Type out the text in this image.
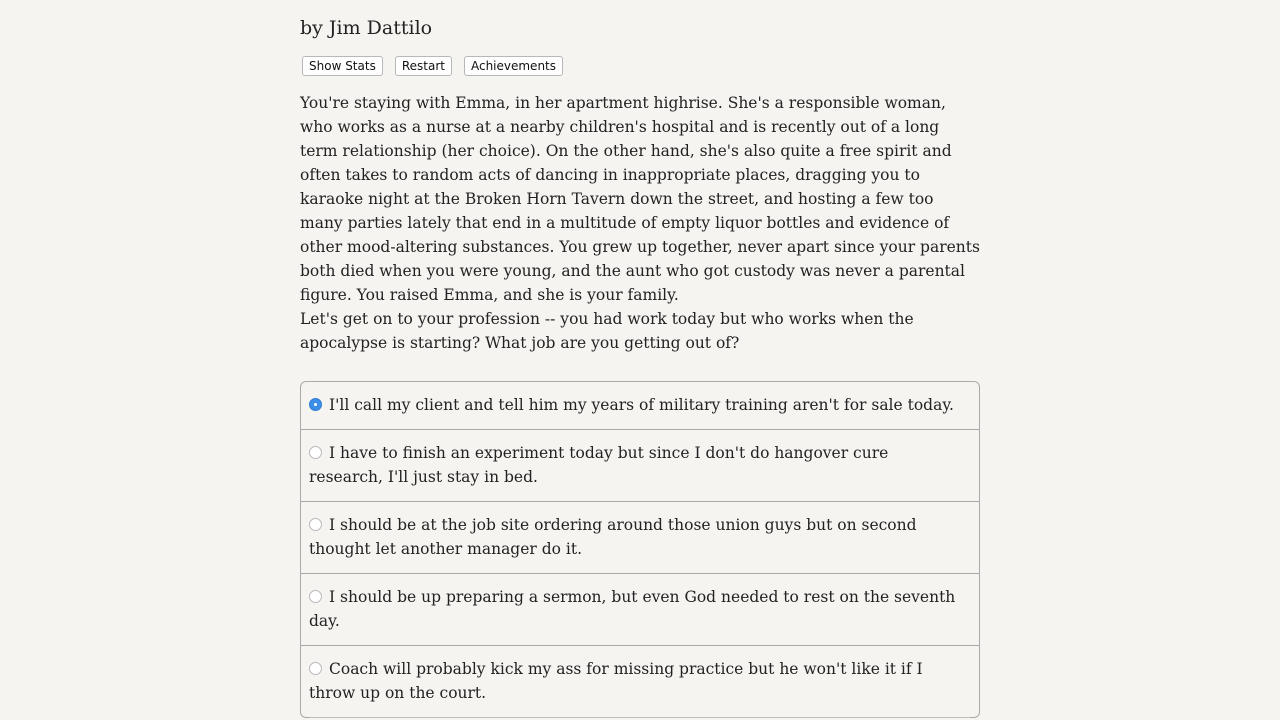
by Jim Dattilo
Show Stats	Restart	Achievements

You're staying with Emma, in her apartment highrise. She's a responsible woman, who works as a nurse at a nearby children's hospital and is recently out of a long term relationship (her choice). On the other hand, she's also quite a free spirit and often takes to random acts of dancing in inappropriate places, dragging you to karaoke night at the Broken Horn Tavern down the street, and hosting a few too many parties lately that end in a multitude of empty liquor bottles and evidence of other mood-altering substances. You grew up together, never apart since your parents both died when you were young, and the aunt who got custody was never a parental figure. You raised Emma, and she is your family.

Let's get on to your profession -- you had work today but who works when the apocalypse is starting? What job are you getting out of?

I'll call my client and tell him my years of military training aren't for sale today.
I have to finish an experiment today but since I don't do hangover cure research, I'll just stay in bed.
I should be at the job site ordering around those union guys but on second thought let another manager do it.
I should be up preparing a sermon, but even God needed to rest on the seventh day.
Coach will probably kick my ass for missing practice but he won't like it if I throw up on the court.
